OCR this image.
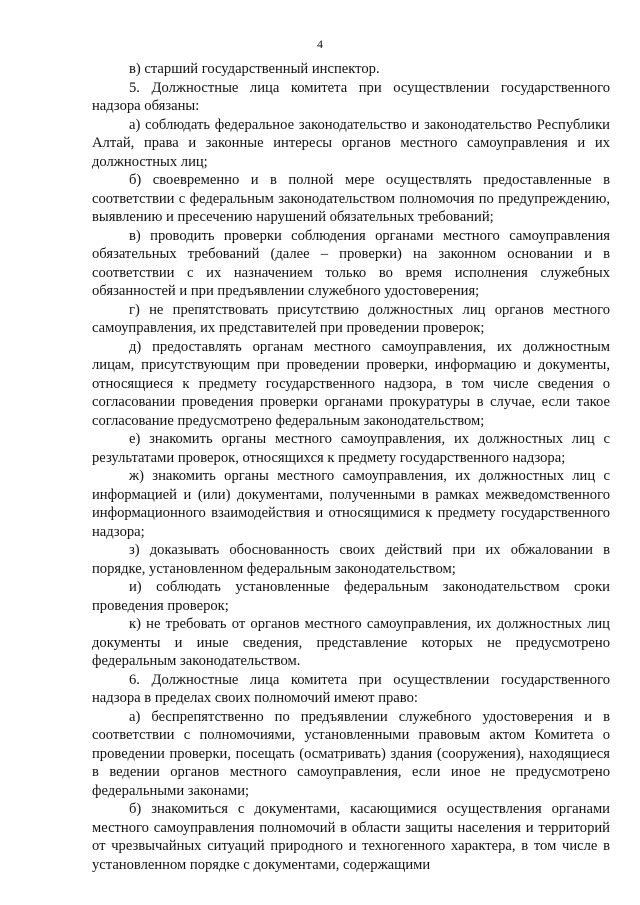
4

в) старший государственный инспектор.

5. Должностные лица комитета при осуществлении государственного надзора обязаны:

а) соблюдать федеральное законодательство и законодательство Республики Алтай, права и законные интересы органов местного самоуправления и их должностных лиц;

б) своевременно и в полной мере осуществлять предоставленные в соответствии с федеральным законодательством полномочия по предупреждению, выявлению и пресечению нарушений обязательных требований;

в) проводить проверки соблюдения органами местного самоуправления обязательных требований (далее – проверки) на законном основании и в соответствии с их назначением только во время исполнения служебных обязанностей и при предъявлении служебного удостоверения;

г) не препятствовать присутствию должностных лиц органов местного самоуправления, их представителей при проведении проверок;

д) предоставлять органам местного самоуправления, их должностным лицам, присутствующим при проведении проверки, информацию и документы, относящиеся к предмету государственного надзора, в том числе сведения о согласовании проведения проверки органами прокуратуры в случае, если такое согласование предусмотрено федеральным законодательством;

е) знакомить органы местного самоуправления, их должностных лиц с результатами проверок, относящихся к предмету государственного надзора;

ж) знакомить органы местного самоуправления, их должностных лиц с информацией и (или) документами, полученными в рамках межведомственного информационного взаимодействия и относящимися к предмету государственного надзора;

з) доказывать обоснованность своих действий при их обжаловании в порядке, установленном федеральным законодательством;

и) соблюдать установленные федеральным законодательством сроки проведения проверок;

к) не требовать от органов местного самоуправления, их должностных лиц документы и иные сведения, представление которых не предусмотрено федеральным законодательством.

6. Должностные лица комитета при осуществлении государственного надзора в пределах своих полномочий имеют право:

а) беспрепятственно по предъявлении служебного удостоверения и в соответствии с полномочиями, установленными правовым актом Комитета о проведении проверки, посещать (осматривать) здания (сооружения), находящиеся в ведении органов местного самоуправления, если иное не предусмотрено федеральными законами;

б) знакомиться с документами, касающимися осуществления органами местного самоуправления полномочий в области защиты населения и территорий от чрезвычайных ситуаций природного и техногенного характера, в том числе в установленном порядке с документами, содержащими
